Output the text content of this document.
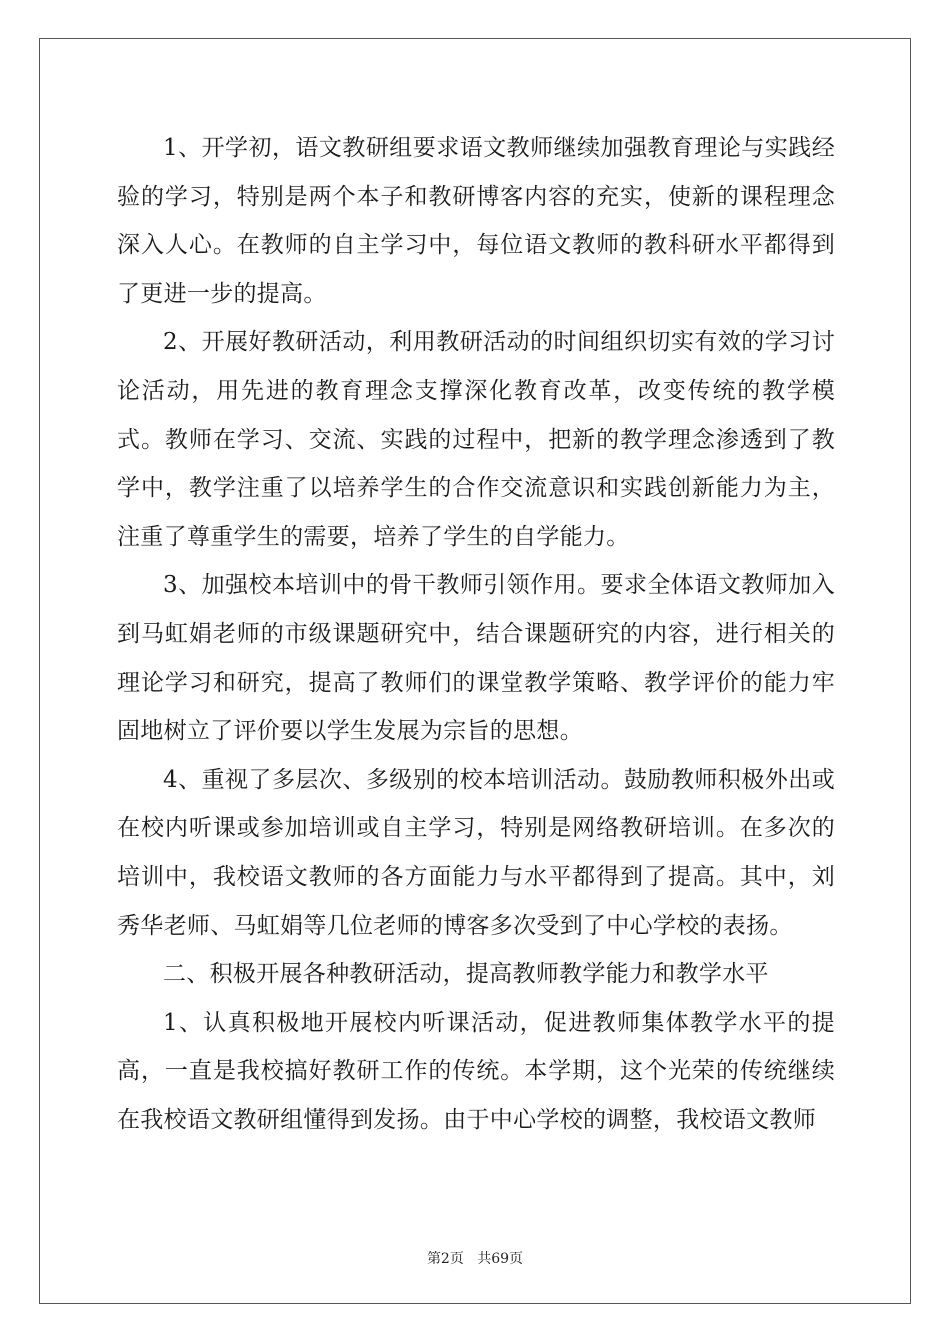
1、开学初，语文教研组要求语文教师继续加强教育理论与实践经验的学习，特别是两个本子和教研博客内容的充实，使新的课程理念深入人心。在教师的自主学习中，每位语文教师的教科研水平都得到了更进一步的提高。

2、开展好教研活动，利用教研活动的时间组织切实有效的学习讨论活动，用先进的教育理念支撑深化教育改革，改变传统的教学模式。教师在学习、交流、实践的过程中，把新的教学理念渗透到了教学中，教学注重了以培养学生的合作交流意识和实践创新能力为主，注重了尊重学生的需要，培养了学生的自学能力。

3、加强校本培训中的骨干教师引领作用。要求全体语文教师加入到马虹娟老师的市级课题研究中，结合课题研究的内容，进行相关的理论学习和研究，提高了教师们的课堂教学策略、教学评价的能力牢固地树立了评价要以学生发展为宗旨的思想。

4、重视了多层次、多级别的校本培训活动。鼓励教师积极外出或在校内听课或参加培训或自主学习，特别是网络教研培训。在多次的培训中，我校语文教师的各方面能力与水平都得到了提高。其中，刘秀华老师、马虹娟等几位老师的博客多次受到了中心学校的表扬。

二、积极开展各种教研活动，提高教师教学能力和教学水平

1、认真积极地开展校内听课活动，促进教师集体教学水平的提高，一直是我校搞好教研工作的传统。本学期，这个光荣的传统继续在我校语文教研组懂得到发扬。由于中心学校的调整，我校语文教师

第2页 共69页
